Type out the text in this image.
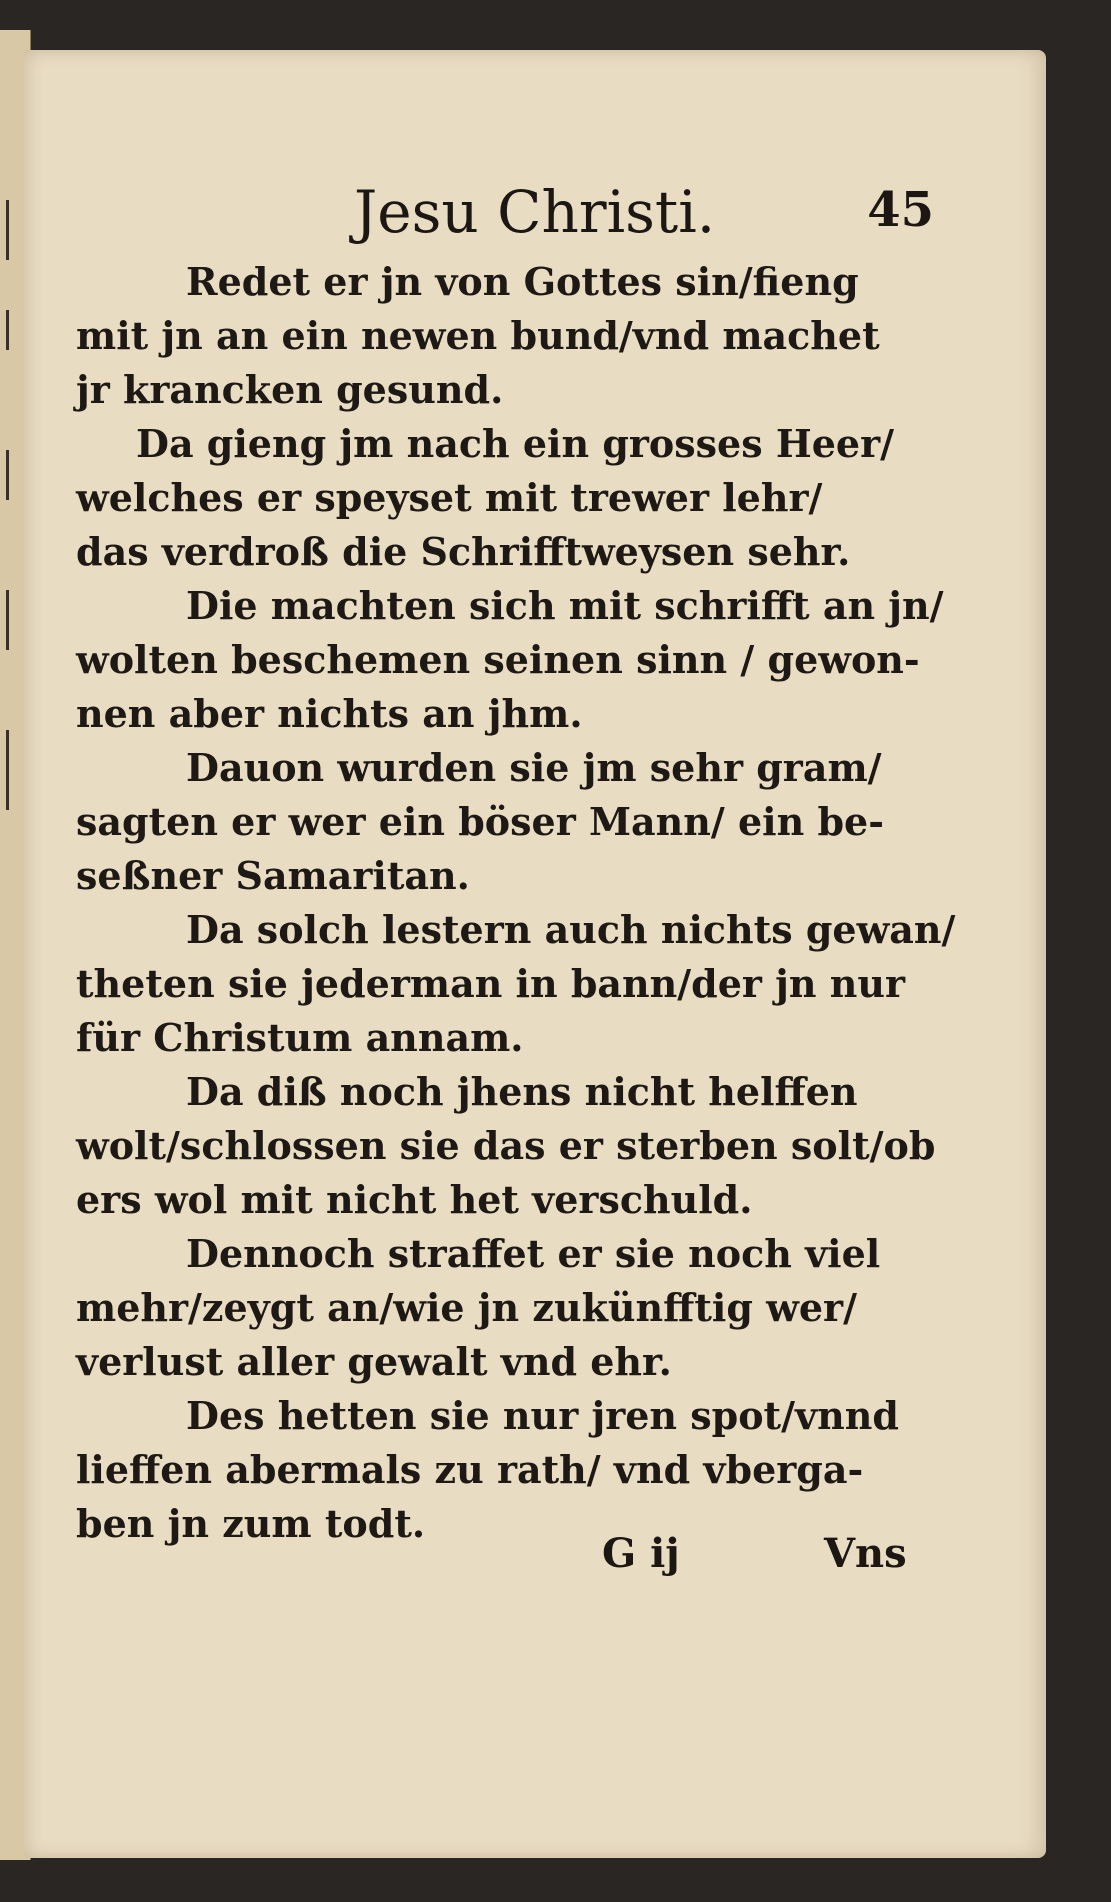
Jesu Christi.	45
Redet er jn von Gottes sin/fieng
mit jn an ein newen bund/vnd machet
jr krancken gesund.
Da gieng jm nach ein grosses Heer/
welches er speyset mit trewer lehr/
das verdroß die Schrifftweysen sehr.
Die machten sich mit schrifft an jn/
wolten beschemen seinen sinn / gewon-
nen aber nichts an jhm.
Dauon wurden sie jm sehr gram/
sagten er wer ein böser Mann/ ein be-
seßner Samaritan.
Da solch lestern auch nichts gewan/
theten sie jederman in bann/der jn nur
für Christum annam.
Da diß noch jhens nicht helffen
wolt/schlossen sie das er sterben solt/ob
ers wol mit nicht het verschuld.
Dennoch straffet er sie noch viel
mehr/zeygt an/wie jn zukünfftig wer/
verlust aller gewalt vnd ehr.
Des hetten sie nur jren spot/vnnd
lieffen abermals zu rath/ vnd vberga-
ben jn zum todt.
G ij	Vns
